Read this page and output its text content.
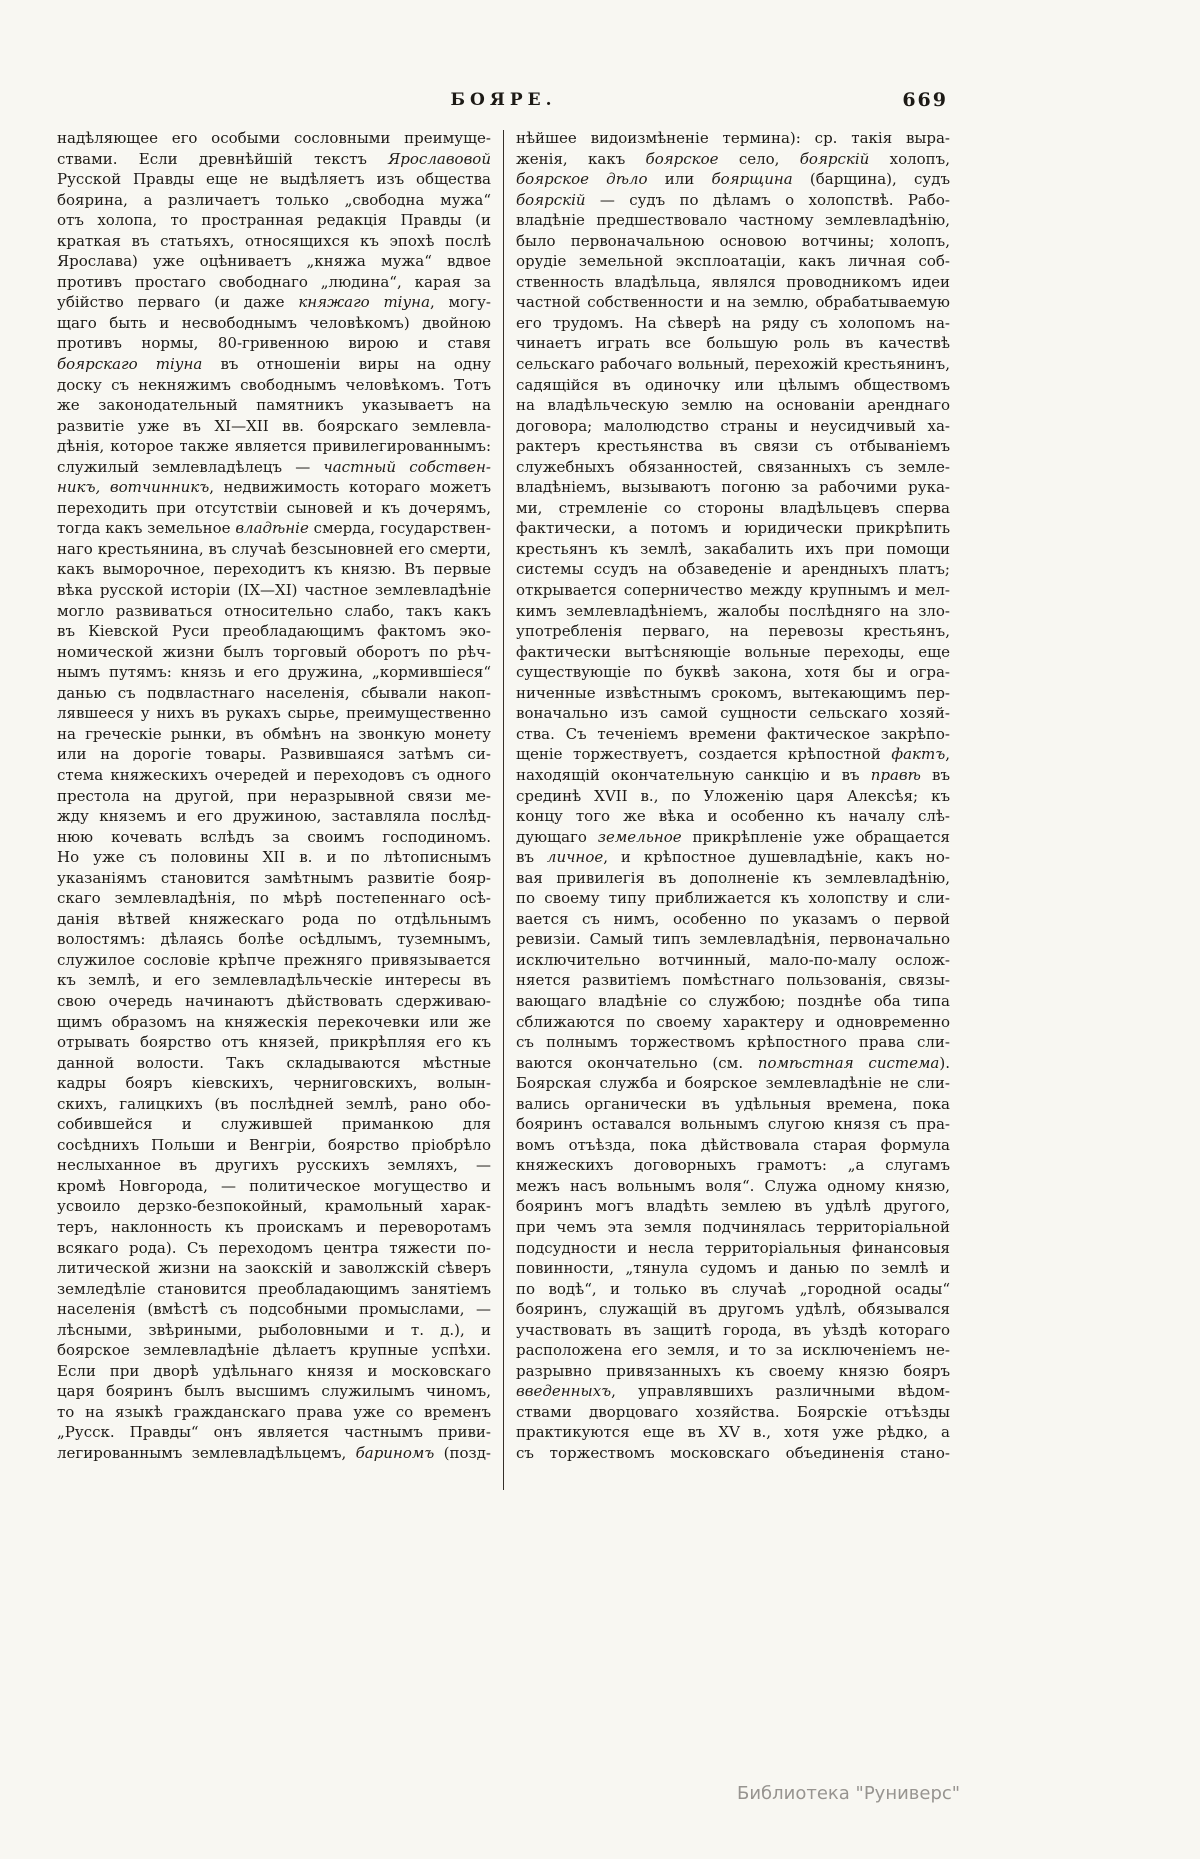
БОЯРЕ.	669
надѣляющее его особыми сословными преимуще-
ствами. Если древнѣйшій текстъ Ярославовой
Русской Правды еще не выдѣляетъ изъ общества
боярина, а различаетъ только „свободна мужа“
отъ холопа, то пространная редакція Правды (и
краткая въ статьяхъ, относящихся къ эпохѣ послѣ
Ярослава) уже оцѣниваетъ „княжа мужа“ вдвое
противъ простаго свободнаго „людина“, карая за
убійство перваго (и даже княжаго тіуна, могу-
щаго быть и несвободнымъ человѣкомъ) двойною
противъ нормы, 80-гривенною вирою и ставя
боярскаго тіуна въ отношеніи виры на одну
доску съ некняжимъ свободнымъ человѣкомъ. Тотъ
же законодательный памятникъ указываетъ на
развитіе уже въ XI—XII вв. боярскаго землевла-
дѣнія, которое также является привилегированнымъ:
служилый землевладѣлецъ — частный собствен-
никъ, вотчинникъ, недвижимость котораго можетъ
переходить при отсутствіи сыновей и къ дочерямъ,
тогда какъ земельное владѣніе смерда, государствен-
наго крестьянина, въ случаѣ безсыновней его смерти,
какъ выморочное, переходитъ къ князю. Въ первые
вѣка русской исторіи (IX—XI) частное землевладѣніе
могло развиваться относительно слабо, такъ какъ
въ Кіевской Руси преобладающимъ фактомъ эко-
номической жизни былъ торговый оборотъ по рѣч-
нымъ путямъ: князь и его дружина, „кормившіеся“
данью съ подвластнаго населенія, сбывали накоп-
лявшееся у нихъ въ рукахъ сырье, преимущественно
на греческіе рынки, въ обмѣнъ на звонкую монету
или на дорогіе товары. Развившаяся затѣмъ си-
стема княжескихъ очередей и переходовъ съ одного
престола на другой, при неразрывной связи ме-
жду княземъ и его дружиною, заставляла послѣд-
нюю кочевать вслѣдъ за своимъ господиномъ.
Но уже съ половины XII в. и по лѣтописнымъ
указаніямъ становится замѣтнымъ развитіе бояр-
скаго землевладѣнія, по мѣрѣ постепеннаго осѣ-
данія вѣтвей княжескаго рода по отдѣльнымъ
волостямъ: дѣлаясь болѣе осѣдлымъ, туземнымъ,
служилое сословіе крѣпче прежняго привязывается
къ землѣ, и его землевладѣльческіе интересы въ
свою очередь начинаютъ дѣйствовать сдерживаю-
щимъ образомъ на княжескія перекочевки или же
отрывать боярство отъ князей, прикрѣпляя его къ
данной волости. Такъ складываются мѣстные
кадры бояръ кіевскихъ, черниговскихъ, волын-
скихъ, галицкихъ (въ послѣдней землѣ, рано обо-
собившейся и служившей приманкою для
сосѣднихъ Польши и Венгріи, боярство пріобрѣло
неслыханное въ другихъ русскихъ земляхъ, —
кромѣ Новгорода, — политическое могущество и
усвоило дерзко-безпокойный, крамольный харак-
теръ, наклонность къ проискамъ и переворотамъ
всякаго рода). Съ переходомъ центра тяжести по-
литической жизни на заокскій и заволжскій сѣверъ
земледѣліе становится преобладающимъ занятіемъ
населенія (вмѣстѣ съ подсобными промыслами, —
лѣсными, звѣриными, рыболовными и т. д.), и
боярское землевладѣніе дѣлаетъ крупные успѣхи.
Если при дворѣ удѣльнаго князя и московскаго
царя бояринъ былъ высшимъ служилымъ чиномъ,
то на языкѣ гражданскаго права уже со временъ
„Русск. Правды“ онъ является частнымъ приви-
легированнымъ землевладѣльцемъ, бариномъ (позд-
нѣйшее видоизмѣненіе термина): ср. такія выра-
женія, какъ боярское село, боярскій холопъ,
боярское дѣло или боярщина (барщина), судъ
боярскій — судъ по дѣламъ о холопствѣ. Рабо-
владѣніе предшествовало частному землевладѣнію,
было первоначальною основою вотчины; холопъ,
орудіе земельной эксплоатаціи, какъ личная соб-
ственность владѣльца, являлся проводникомъ идеи
частной собственности и на землю, обрабатываемую
его трудомъ. На сѣверѣ на ряду съ холопомъ на-
чинаетъ играть все большую роль въ качествѣ
сельскаго рабочаго вольный, перехожій крестьянинъ,
садящійся въ одиночку или цѣлымъ обществомъ
на владѣльческую землю на основаніи аренднаго
договора; малолюдство страны и неусидчивый ха-
рактеръ крестьянства въ связи съ отбываніемъ
служебныхъ обязанностей, связанныхъ съ земле-
владѣніемъ, вызываютъ погоню за рабочими рука-
ми, стремленіе со стороны владѣльцевъ сперва
фактически, а потомъ и юридически прикрѣпить
крестьянъ къ землѣ, закабалить ихъ при помощи
системы ссудъ на обзаведеніе и арендныхъ платъ;
открывается соперничество между крупнымъ и мел-
кимъ землевладѣніемъ, жалобы послѣдняго на зло-
употребленія перваго, на перевозы крестьянъ,
фактически вытѣсняющіе вольные переходы, еще
существующіе по буквѣ закона, хотя бы и огра-
ниченные извѣстнымъ срокомъ, вытекающимъ пер-
воначально изъ самой сущности сельскаго хозяй-
ства. Съ теченіемъ времени фактическое закрѣпо-
щеніе торжествуетъ, создается крѣпостной фактъ,
находящій окончательную санкцію и въ правѣ въ
срединѣ XVII в., по Уложенію царя Алексѣя; къ
концу того же вѣка и особенно къ началу слѣ-
дующаго земельное прикрѣпленіе уже обращается
въ личное, и крѣпостное душевладѣніе, какъ но-
вая привилегія въ дополненіе къ землевладѣнію,
по своему типу приближается къ холопству и сли-
вается съ нимъ, особенно по указамъ о первой
ревизіи. Самый типъ землевладѣнія, первоначально
исключительно вотчинный, мало-по-малу ослож-
няется развитіемъ помѣстнаго пользованія, связы-
вающаго владѣніе со службою; позднѣе оба типа
сближаются по своему характеру и одновременно
съ полнымъ торжествомъ крѣпостного права сли-
ваются окончательно (см. помѣстная система).
Боярская служба и боярское землевладѣніе не сли-
вались органически въ удѣльныя времена, пока
бояринъ оставался вольнымъ слугою князя съ пра-
вомъ отъѣзда, пока дѣйствовала старая формула
княжескихъ договорныхъ грамотъ: „а слугамъ
межъ насъ вольнымъ воля“. Служа одному князю,
бояринъ могъ владѣть землею въ удѣлѣ другого,
при чемъ эта земля подчинялась территоріальной
подсудности и несла территоріальныя финансовыя
повинности, „тянула судомъ и данью по землѣ и
по водѣ“, и только въ случаѣ „городной осады“
бояринъ, служащій въ другомъ удѣлѣ, обязывался
участвовать въ защитѣ города, въ уѣздѣ котораго
расположена его земля, и то за исключеніемъ не-
разрывно привязанныхъ къ своему князю бояръ
введенныхъ, управлявшихъ различными вѣдом-
ствами дворцоваго хозяйства. Боярскіе отъѣзды
практикуются еще въ XV в., хотя уже рѣдко, а
съ торжествомъ московскаго объединенія стано-
Библиотека "Руниверс"
